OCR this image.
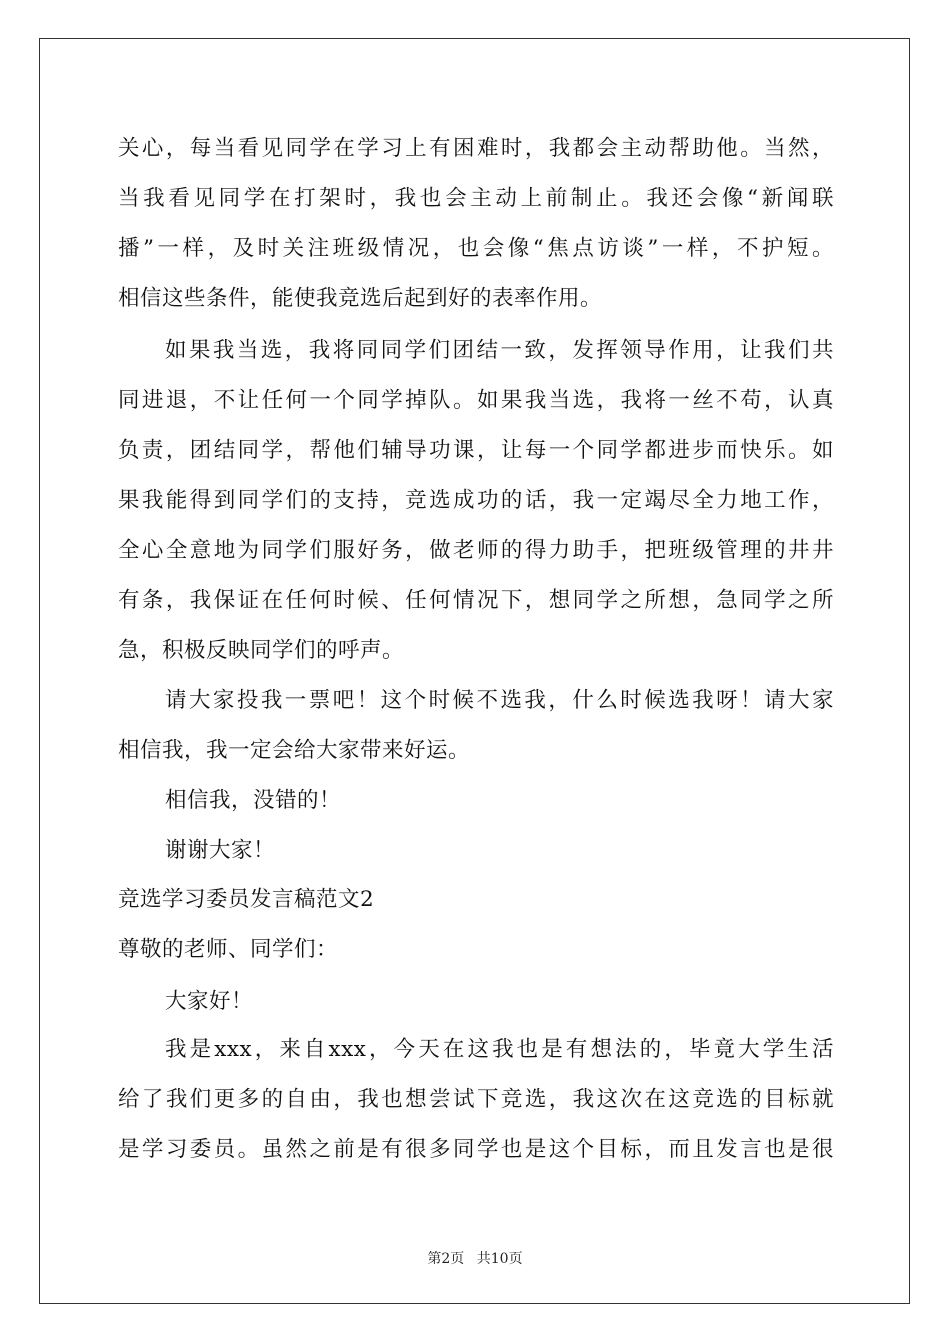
关心，每当看见同学在学习上有困难时，我都会主动帮助他。当然，
当我看见同学在打架时，我也会主动上前制止。我还会像“新闻联
播”一样，及时关注班级情况，也会像“焦点访谈”一样，不护短。
相信这些条件，能使我竞选后起到好的表率作用。
如果我当选，我将同同学们团结一致，发挥领导作用，让我们共
同进退，不让任何一个同学掉队。如果我当选，我将一丝不苟，认真
负责，团结同学，帮他们辅导功课，让每一个同学都进步而快乐。如
果我能得到同学们的支持，竞选成功的话，我一定竭尽全力地工作，
全心全意地为同学们服好务，做老师的得力助手，把班级管理的井井
有条，我保证在任何时候、任何情况下，想同学之所想，急同学之所
急，积极反映同学们的呼声。
请大家投我一票吧！这个时候不选我，什么时候选我呀！请大家
相信我，我一定会给大家带来好运。
相信我，没错的！
谢谢大家！
竞选学习委员发言稿范文2
尊敬的老师、同学们：
大家好！
我是xxx，来自xxx，今天在这我也是有想法的，毕竟大学生活
给了我们更多的自由，我也想尝试下竞选，我这次在这竞选的目标就
是学习委员。虽然之前是有很多同学也是这个目标，而且发言也是很
第2页 共10页
